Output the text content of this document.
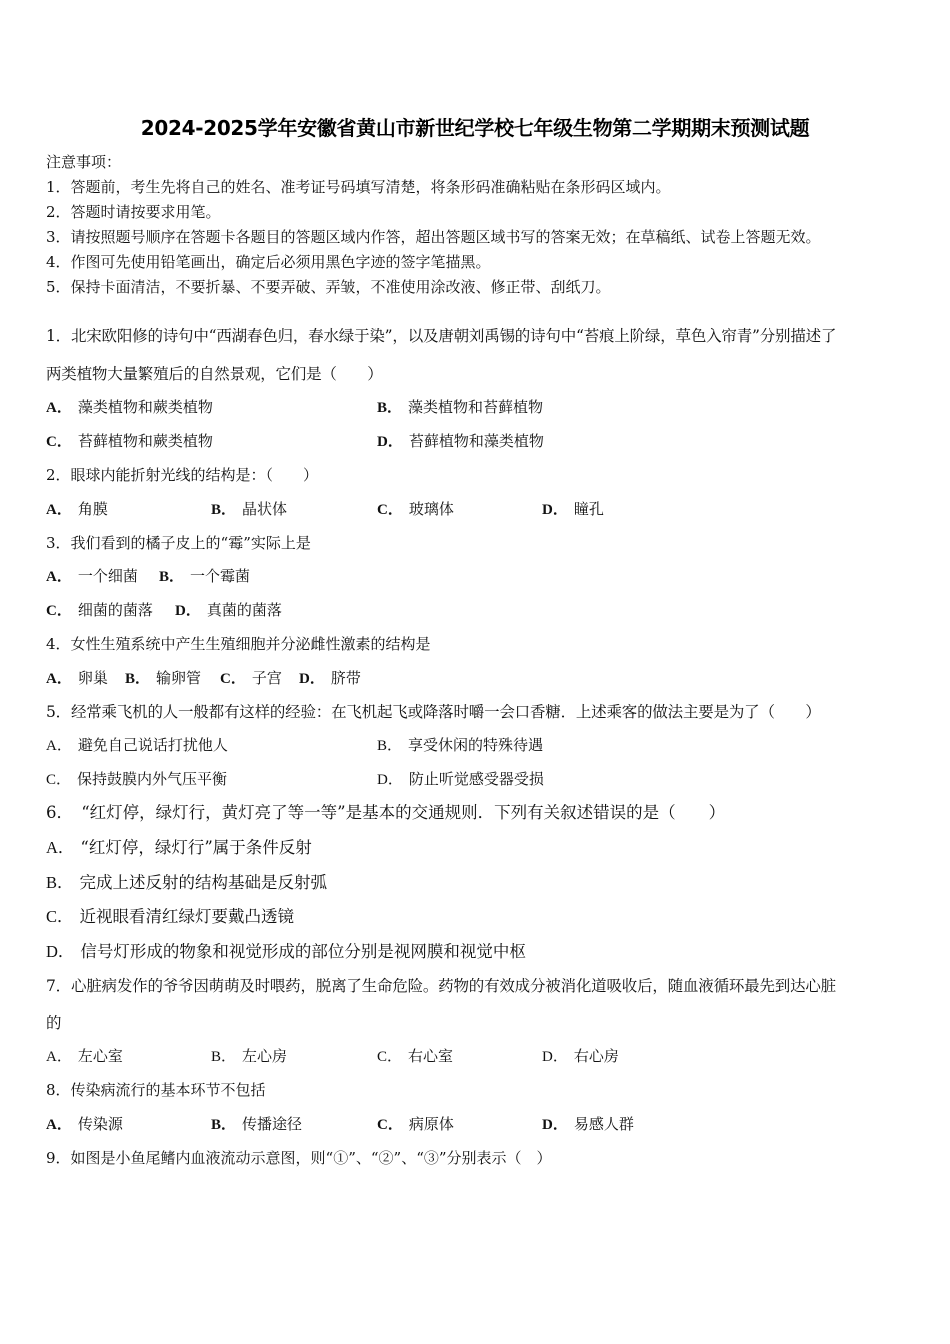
2024-2025学年安徽省黄山市新世纪学校七年级生物第二学期期末预测试题
注意事项：
1．答题前，考生先将自己的姓名、准考证号码填写清楚，将条形码准确粘贴在条形码区域内。
2．答题时请按要求用笔。
3．请按照题号顺序在答题卡各题目的答题区域内作答，超出答题区域书写的答案无效；在草稿纸、试卷上答题无效。
4．作图可先使用铅笔画出，确定后必须用黑色字迹的签字笔描黑。
5．保持卡面清洁，不要折暴、不要弄破、弄皱，不准使用涂改液、修正带、刮纸刀。
1．北宋欧阳修的诗句中“西湖春色归，春水绿于染”，以及唐朝刘禹锡的诗句中“苔痕上阶绿，草色入帘青”分别描述了
两类植物大量繁殖后的自然景观，它们是（　　）
A． 藻类植物和蕨类植物	B． 藻类植物和苔藓植物
C． 苔藓植物和蕨类植物	D． 苔藓植物和藻类植物
2．眼球内能折射光线的结构是：（　　）
A． 角膜	B． 晶状体	C． 玻璃体	D． 瞳孔
3．我们看到的橘子皮上的“霉”实际上是
A． 一个细菌 B． 一个霉菌
C． 细菌的菌落 D． 真菌的菌落
4．女性生殖系统中产生生殖细胞并分泌雌性激素的结构是
A． 卵巢 B． 输卵管 C． 子宫 D． 脐带
5．经常乘飞机的人一般都有这样的经验：在飞机起飞或降落时嚼一会口香糖．上述乘客的做法主要是为了（　　）
A． 避免自己说话打扰他人	B． 享受休闲的特殊待遇
C． 保持鼓膜内外气压平衡	D． 防止听觉感受器受损
6．　“红灯停，绿灯行，黄灯亮了等一等”是基本的交通规则．下列有关叙述错误的是（　　）
A． “红灯停，绿灯行”属于条件反射
B． 完成上述反射的结构基础是反射弧
C． 近视眼看清红绿灯要戴凸透镜
D． 信号灯形成的物象和视觉形成的部位分别是视网膜和视觉中枢
7．心脏病发作的爷爷因萌萌及时喂药，脱离了生命危险。药物的有效成分被消化道吸收后，随血液循环最先到达心脏
的
A． 左心室	B． 左心房	C． 右心室	D． 右心房
8．传染病流行的基本环节不包括
A． 传染源	B． 传播途径	C． 病原体	D． 易感人群
9．如图是小鱼尾鳍内血液流动示意图，则“①”、“②”、“③”分别表示（　）
